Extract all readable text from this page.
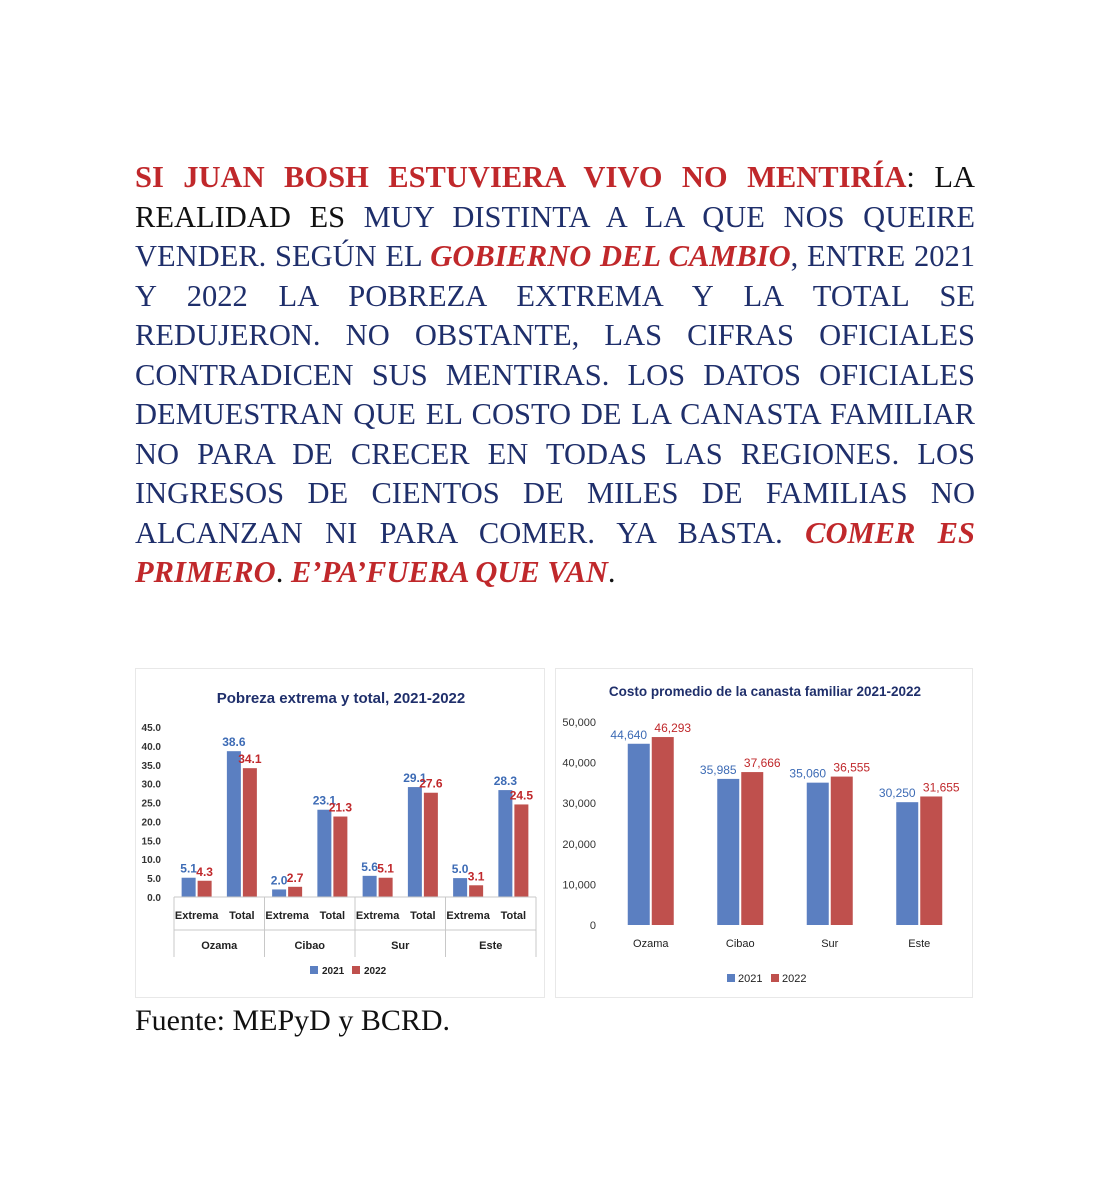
SI JUAN BOSH ESTUVIERA VIVO NO MENTIRÍA: LA REALIDAD ES MUY DISTINTA A LA QUE NOS QUEIRE VENDER. SEGÚN EL GOBIERNO DEL CAMBIO, ENTRE 2021 Y 2022 LA POBREZA EXTREMA Y LA TOTAL SE REDUJERON. NO OBSTANTE, LAS CIFRAS OFICIALES CONTRADICEN SUS MENTIRAS. LOS DATOS OFICIALES DEMUESTRAN QUE EL COSTO DE LA CANASTA FAMILIAR NO PARA DE CRECER EN TODAS LAS REGIONES. LOS INGRESOS DE CIENTOS DE MILES DE FAMILIAS NO ALCANZAN NI PARA COMER. YA BASTA. COMER ES PRIMERO. E’PA’FUERA QUE VAN.
Pobreza extrema y total, 2021-2022
0.0
5.0
10.0
15.0
20.0
25.0
30.0
35.0
40.0
45.0
5.1 4.3
Extrema
38.6
34.1
Total
2.0 2.7
Extrema
23.1
21.3
Total
5.6 5.1
Extrema
29.1
27.6
Total
5.0
3.1
Extrema
28.3
24.5
Total
Ozama	Cibao	Sur	Este
2021 2022
Costo promedio de la canasta familiar 2021-2022
0
10,000
20,000
30,000
40,000
50,000
44,640 46,293
Ozama
35,985 37,666
Cibao
35,060 36,555
Sur
30,250 31,655
Este
2021 2022
Fuente: MEPyD y BCRD.
